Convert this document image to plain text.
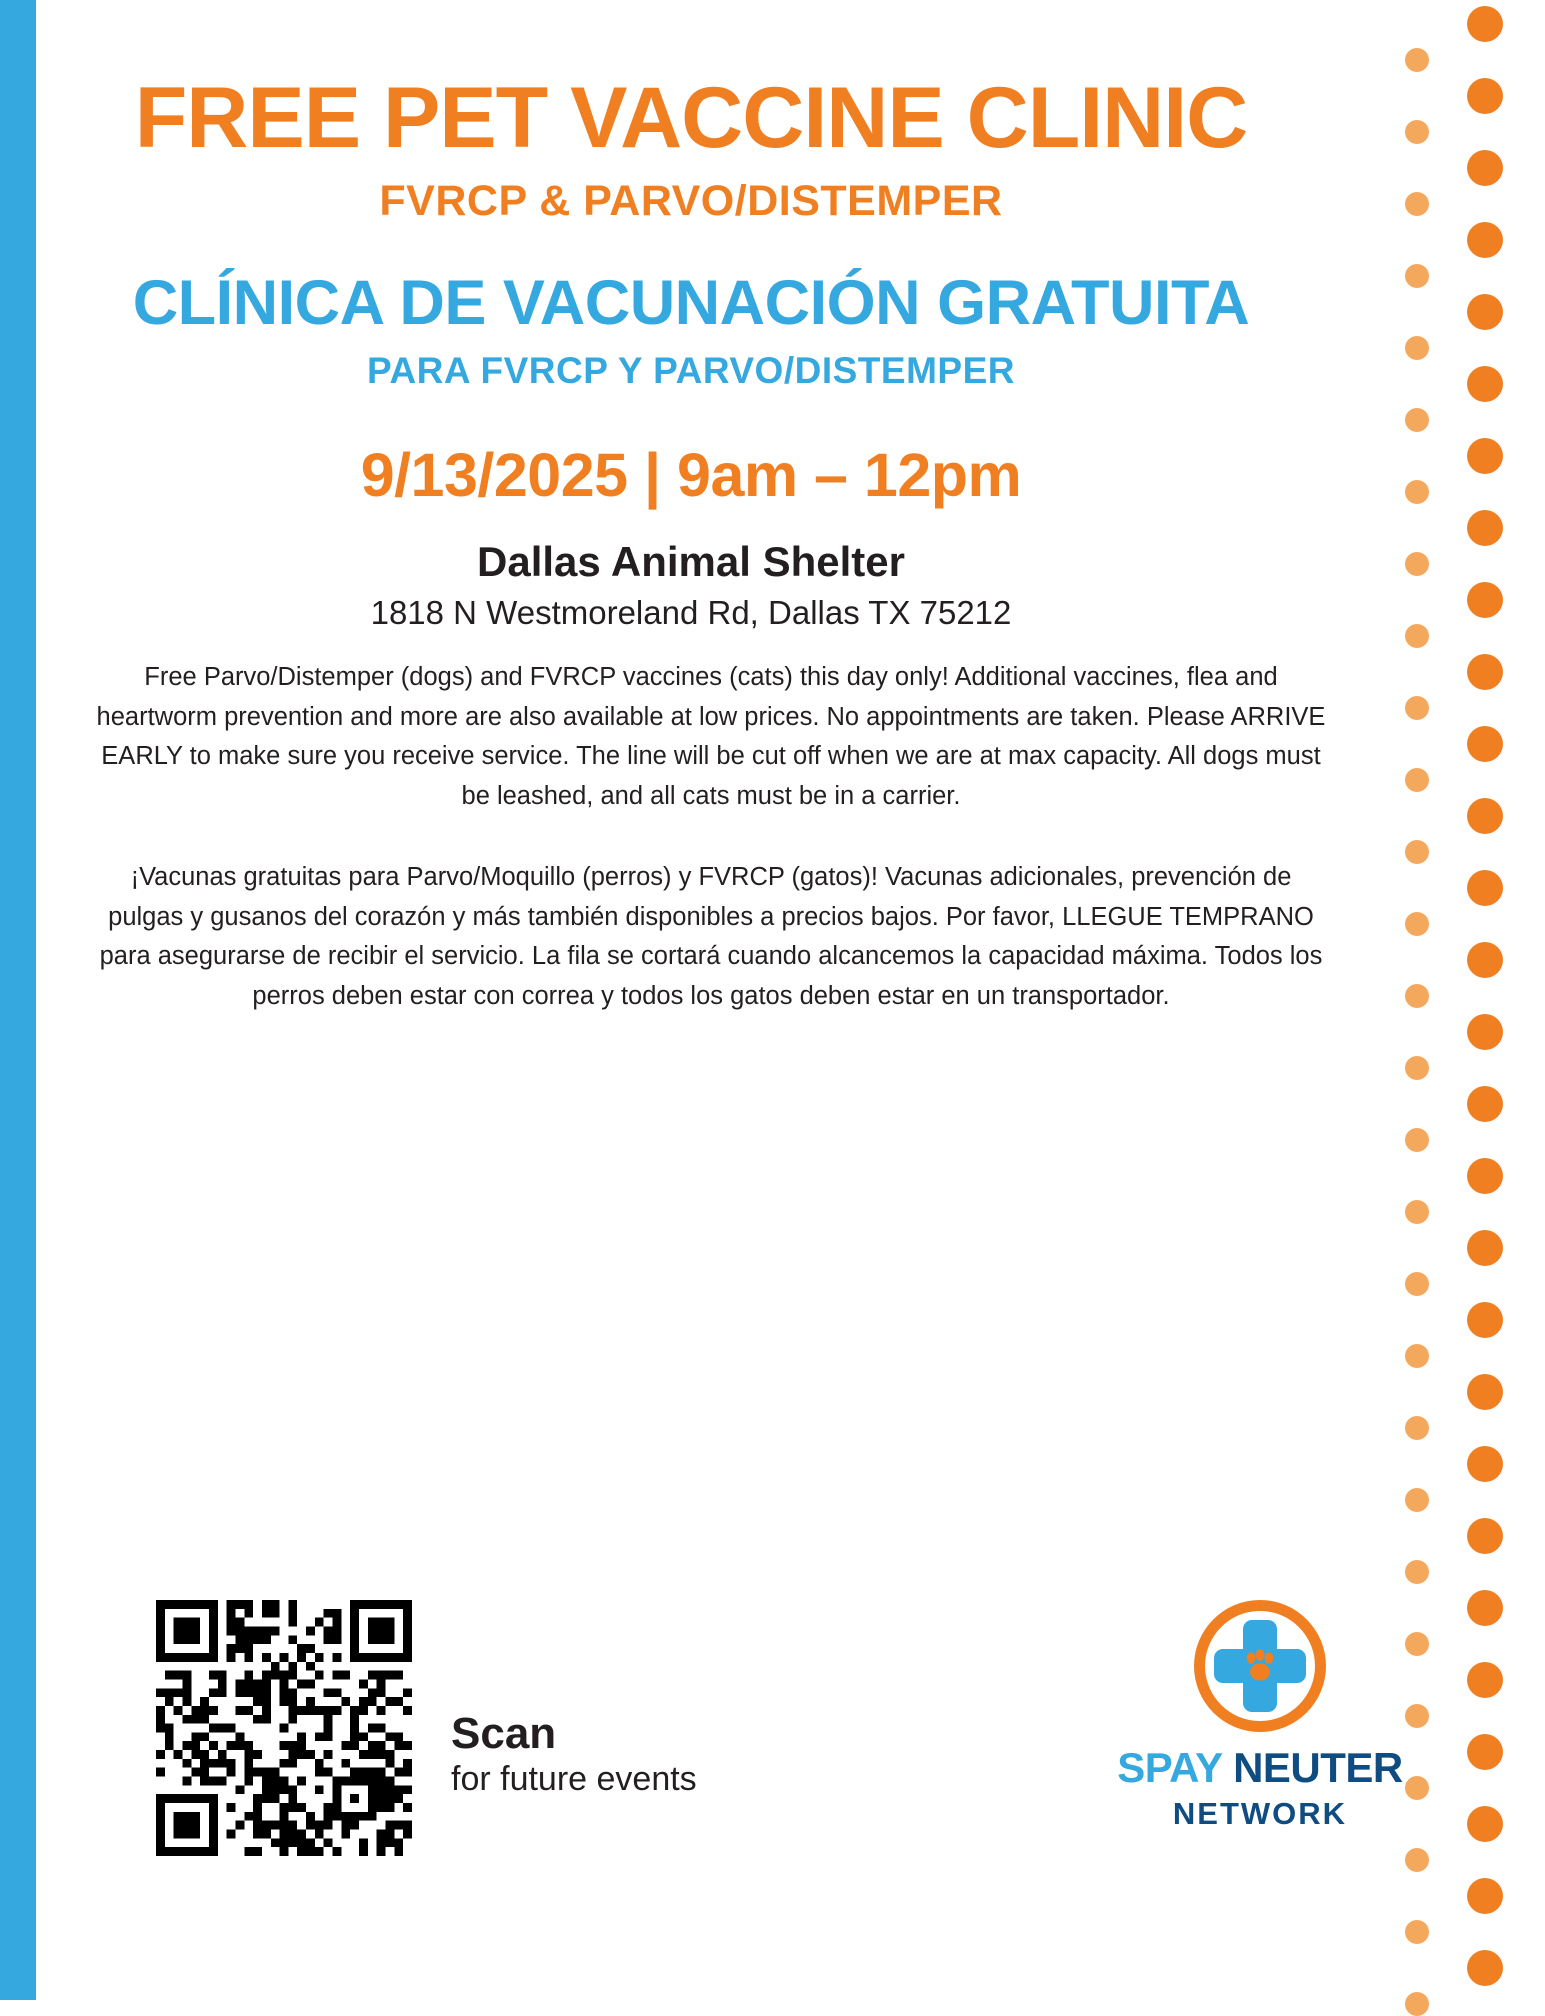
FREE PET VACCINE CLINIC
FVRCP & PARVO/DISTEMPER
CLÍNICA DE VACUNACIÓN GRATUITA
PARA FVRCP Y PARVO/DISTEMPER
9/13/2025 | 9am – 12pm
Dallas Animal Shelter
1818 N Westmoreland Rd, Dallas TX 75212

Free Parvo/Distemper (dogs) and FVRCP vaccines (cats) this day only! Additional vaccines, flea and heartworm prevention and more are also available at low prices. No appointments are taken. Please ARRIVE EARLY to make sure you receive service. The line will be cut off when we are at max capacity. All dogs must be leashed, and all cats must be in a carrier.

¡Vacunas gratuitas para Parvo/Moquillo (perros) y FVRCP (gatos)! Vacunas adicionales, prevención de pulgas y gusanos del corazón y más también disponibles a precios bajos. Por favor, LLEGUE TEMPRANO para asegurarse de recibir el servicio. La fila se cortará cuando alcancemos la capacidad máxima. Todos los perros deben estar con correa y todos los gatos deben estar en un transportador.

Scan

for future events	SPAY NEUTER

NETWORK
